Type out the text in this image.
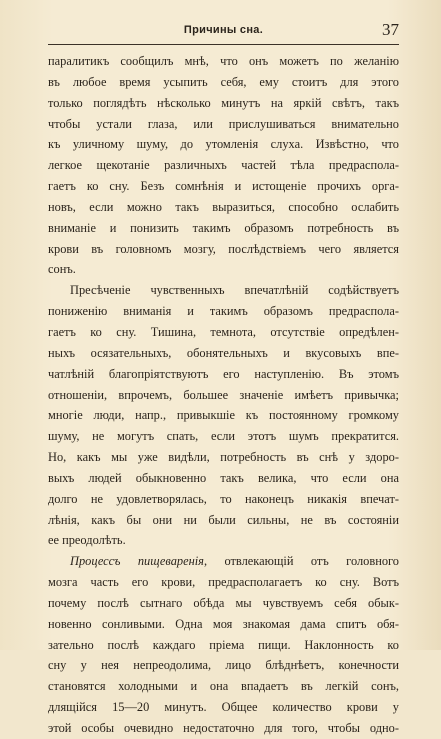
Причины сна.	37
паралитикъ сообщилъ мнѣ, что онъ можетъ по желанію
въ любое время усыпить себя, ему стоитъ для этого
только поглядѣть нѣсколько минутъ на яркій свѣтъ, такъ
чтобы устали глаза, или прислушиваться внимательно
къ уличному шуму, до утомленія слуха. Извѣстно, что
легкое щекотаніе различныхъ частей тѣла предраспола-
гаетъ ко сну. Безъ сомнѣнія и истощеніе прочихъ орга-
новъ, если можно такъ выразиться, способно ослабить
вниманіе и понизить такимъ образомъ потребность въ
крови въ головномъ мозгу, послѣдствіемъ чего является
сонъ.
Пресѣченіе чувственныхъ впечатлѣній содѣйствуетъ
пониженію вниманія и такимъ образомъ предраспола-
гаетъ ко сну. Тишина, темнота, отсутствіе опредѣлен-
ныхъ осязательныхъ, обонятельныхъ и вкусовыхъ впе-
чатлѣній благопріятствуютъ его наступленію. Въ этомъ
отношеніи, впрочемъ, большее значеніе имѣетъ привычка;
многіе люди, напр., привыкшіе къ постоянному громкому
шуму, не могутъ спать, если этотъ шумъ прекратится.
Но, какъ мы уже видѣли, потребность въ снѣ у здоро-
выхъ людей обыкновенно такъ велика, что если она
долго не удовлетворялась, то наконецъ никакія впечат-
лѣнія, какъ бы они ни были сильны, не въ состояніи
ее преодолѣть.
Процессъ пищеваренія, отвлекающій отъ головного
мозга часть его крови, предрасполагаетъ ко сну. Вотъ
почему послѣ сытнаго обѣда мы чувствуемъ себя обык-
новенно сонливыми. Одна моя знакомая дама спитъ обя-
зательно послѣ каждаго пріема пищи. Наклонность ко
сну у нея непреодолима, лицо блѣднѣетъ, конечности
становятся холодными и она впадаетъ въ легкій сонъ,
длящійся 15—20 минутъ. Общее количество крови у
этой особы очевидно недостаточно для того, чтобы одно-
